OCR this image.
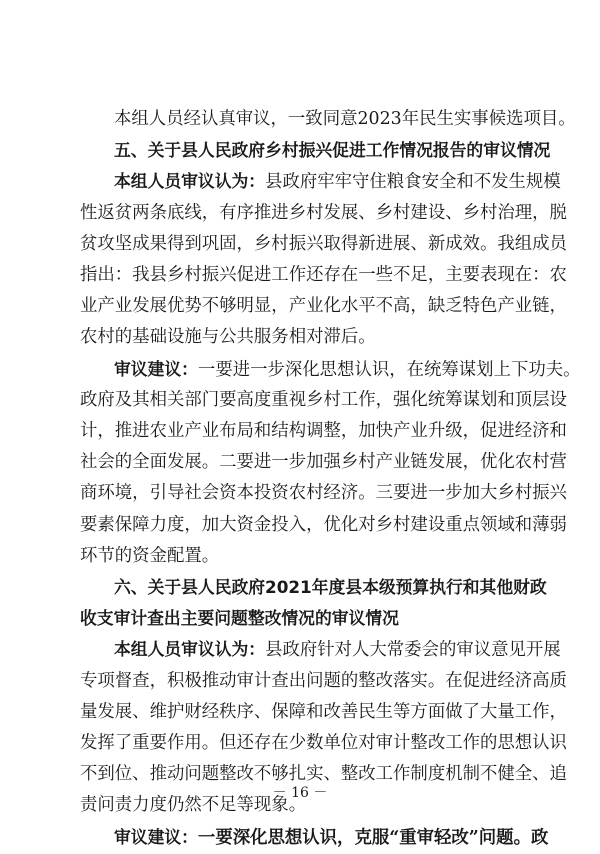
本组人员经认真审议，一致同意2023年民生实事候选项目。
五、关于县人民政府乡村振兴促进工作情况报告的审议情况
本组人员审议认为：县政府牢牢守住粮食安全和不发生规模
性返贫两条底线，有序推进乡村发展、乡村建设、乡村治理，脱
贫攻坚成果得到巩固，乡村振兴取得新进展、新成效。我组成员
指出：我县乡村振兴促进工作还存在一些不足，主要表现在：农
业产业发展优势不够明显，产业化水平不高，缺乏特色产业链，
农村的基础设施与公共服务相对滞后。
审议建议：一要进一步深化思想认识，在统筹谋划上下功夫。
政府及其相关部门要高度重视乡村工作，强化统筹谋划和顶层设
计，推进农业产业布局和结构调整，加快产业升级，促进经济和
社会的全面发展。二要进一步加强乡村产业链发展，优化农村营
商环境，引导社会资本投资农村经济。三要进一步加大乡村振兴
要素保障力度，加大资金投入，优化对乡村建设重点领域和薄弱
环节的资金配置。
六、关于县人民政府2021年度县本级预算执行和其他财政
收支审计查出主要问题整改情况的审议情况
本组人员审议认为：县政府针对人大常委会的审议意见开展
专项督查，积极推动审计查出问题的整改落实。在促进经济高质
量发展、维护财经秩序、保障和改善民生等方面做了大量工作，
发挥了重要作用。但还存在少数单位对审计整改工作的思想认识
不到位、推动问题整改不够扎实、整改工作制度机制不健全、追
责问责力度仍然不足等现象。
审议建议：一要深化思想认识，克服“重审轻改”问题。政
－ 16 －
